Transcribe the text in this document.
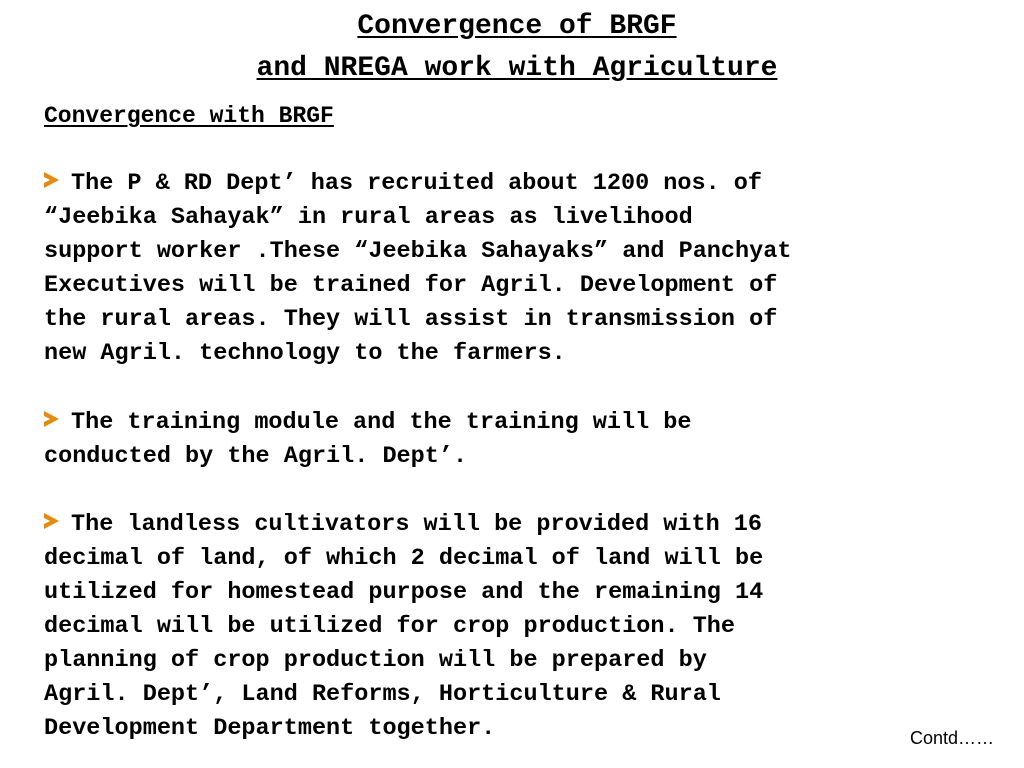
Convergence of BRGF
and NREGA work with Agriculture
Convergence with BRGF
The P & RD Dept’ has recruited about 1200 nos. of
“Jeebika Sahayak” in rural areas as livelihood
support worker .These “Jeebika Sahayaks” and Panchyat
Executives will be trained for Agril. Development of
the rural areas. They will assist in transmission of
new Agril. technology to the farmers.
The training module and the training will be
conducted by the Agril. Dept’.
The landless cultivators will be provided with 16
decimal of land, of which 2 decimal of land will be
utilized for homestead purpose and the remaining 14
decimal will be utilized for crop production. The
planning of crop production will be prepared by
Agril. Dept’, Land Reforms, Horticulture & Rural
Development Department together.	Contd……
